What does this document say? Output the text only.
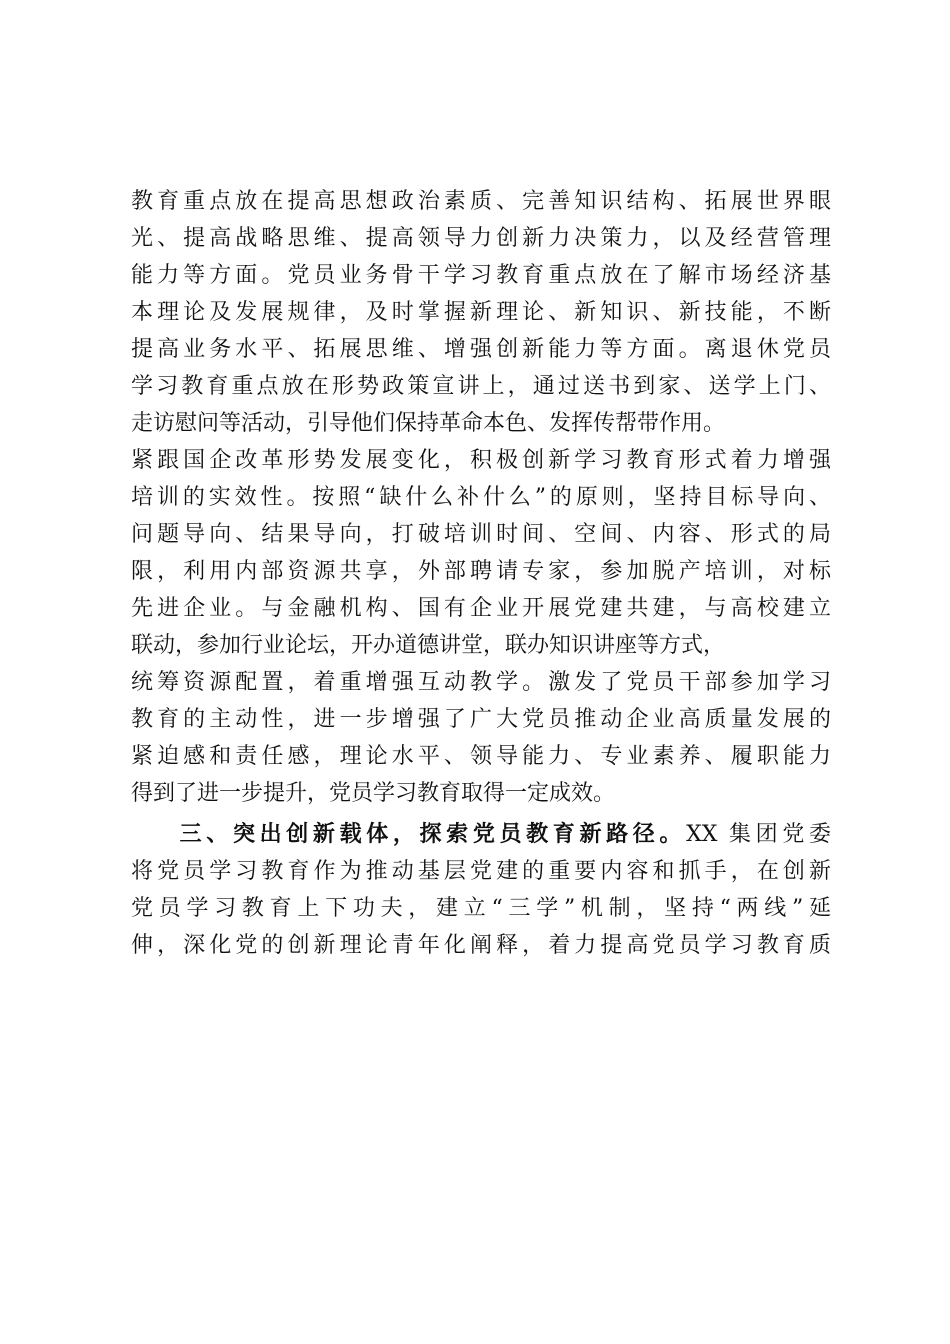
教育重点放在提高思想政治素质、完善知识结构、拓展世界眼
光、提高战略思维、提高领导力创新力决策力，以及经营管理
能力等方面。党员业务骨干学习教育重点放在了解市场经济基
本理论及发展规律，及时掌握新理论、新知识、新技能，不断
提高业务水平、拓展思维、增强创新能力等方面。离退休党员
学习教育重点放在形势政策宣讲上，通过送书到家、送学上门、
走访慰问等活动，引导他们保持革命本色、发挥传帮带作用。
紧跟国企改革形势发展变化，积极创新学习教育形式着力增强
培训的实效性。按照“缺什么补什么”的原则，坚持目标导向、
问题导向、结果导向，打破培训时间、空间、内容、形式的局
限，利用内部资源共享，外部聘请专家，参加脱产培训，对标
先进企业。与金融机构、国有企业开展党建共建，与高校建立
联动，参加行业论坛，开办道德讲堂，联办知识讲座等方式，
统筹资源配置，着重增强互动教学。激发了党员干部参加学习
教育的主动性，进一步增强了广大党员推动企业高质量发展的
紧迫感和责任感，理论水平、领导能力、专业素养、履职能力
得到了进一步提升，党员学习教育取得一定成效。
三、突出创新载体，探索党员教育新路径。XX 集团党委
将党员学习教育作为推动基层党建的重要内容和抓手，在创新
党员学习教育上下功夫，建立“三学”机制，坚持“两线”延
伸，深化党的创新理论青年化阐释，着力提高党员学习教育质
